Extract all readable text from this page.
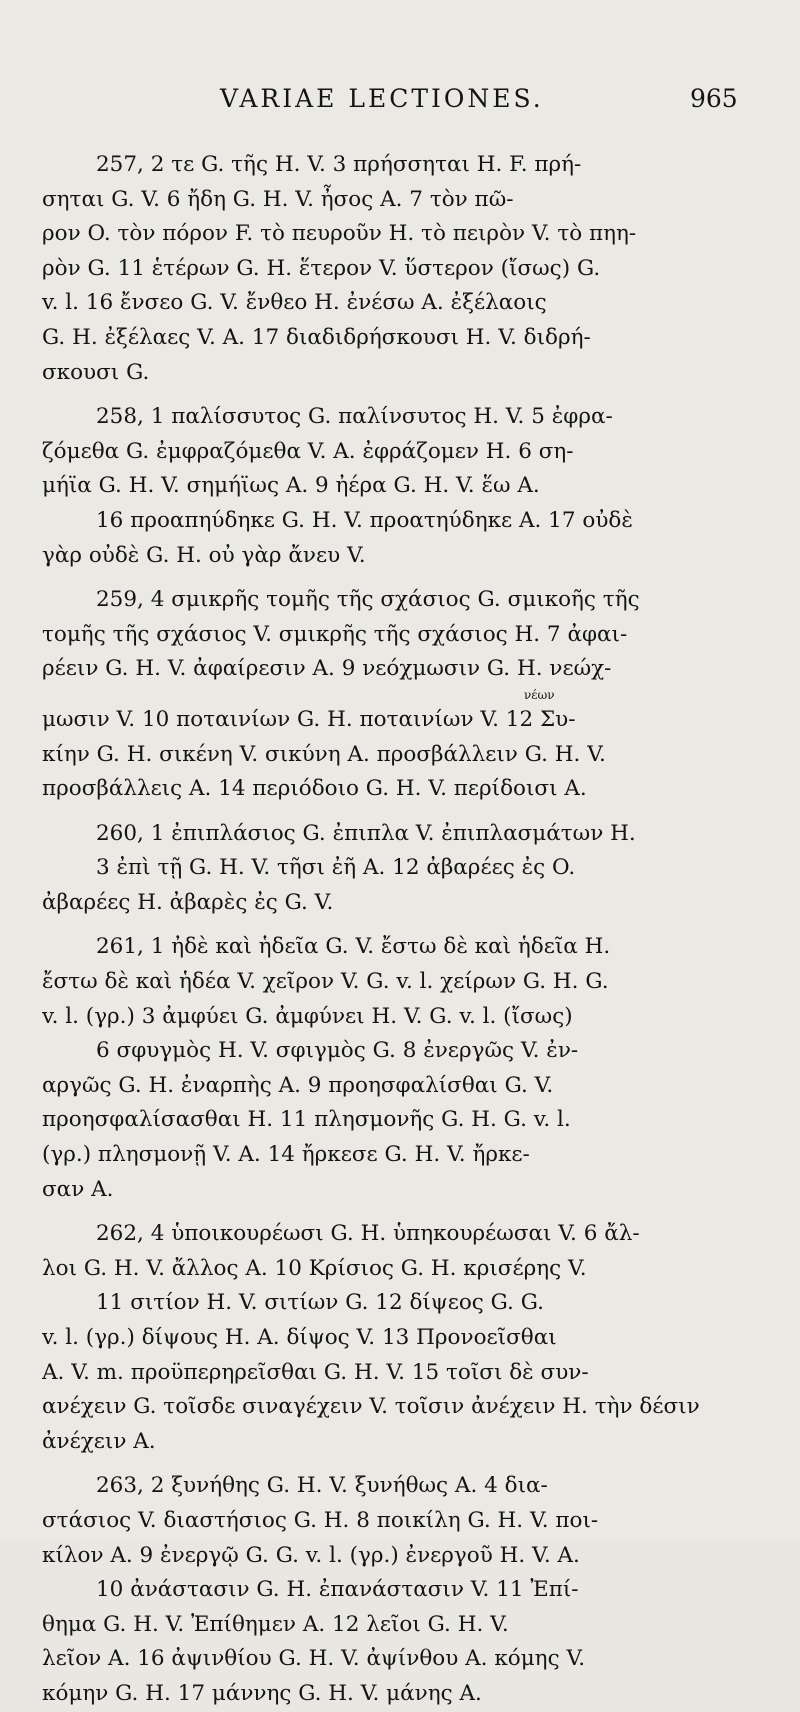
VARIAE LECTIONES.	965
257, 2 τε G. τῆς H. V. 3 πρήσσηται H. F. πρή-
σηται G. V. 6 ἤδη G. H. V. ἦσος A. 7 τὸν πῶ-
ρον O. τὸν πόρον F. τὸ πευροῦν H. τὸ πειρὸν V. τὸ πηη-
ρὸν G. 11 ἑτέρων G. H. ἕτερον V. ὕστερον (ἴσως) G.
v. l. 16 ἔνσεο G. V. ἔνθεο H. ἐνέσω A. ἐξέλαοις
G. H. ἐξέλαες V. A. 17 διαδιδρήσκουσι H. V. διδρή-
σκουσι G.
258, 1 παλίσσυτος G. παλίνσυτος H. V. 5 ἐφρα-
ζόμεθα G. ἐμφραζόμεθα V. A. ἐφράζομεν H. 6 ση-
μήϊα G. H. V. σημήϊως A. 9 ἠέρα G. H. V. ἕω A.
16 προαπηύδηκε G. H. V. προατηύδηκε A. 17 οὐδὲ
γὰρ οὐδὲ G. H. οὐ γὰρ ἄνευ V.
259, 4 σμικρῆς τομῆς τῆς σχάσιος G. σμικοῆς τῆς
τομῆς τῆς σχάσιος V. σμικρῆς τῆς σχάσιος H. 7 ἀφαι-
ρέειν G. H. V. ἀφαίρεσιν A. 9 νεόχμωσιν G. H. νεώχ-
νέων
μωσιν V. 10 ποταινίων G. H. ποταινίων V. 12 Συ-
κίην G. H. σικένη V. σικύνη A. προσβάλλειν G. H. V.
προσβάλλεις A. 14 περιόδοιο G. H. V. περίδοισι A.
260, 1 ἐπιπλάσιος G. ἐπιπλα V. ἐπιπλασμάτων H.
3 ἐπὶ τῇ G. H. V. τῆσι ἐῆ A. 12 ἀβαρέες ἐς O.
ἀβαρέες H. ἀβαρὲς ἐς G. V.
261, 1 ἠδὲ καὶ ἡδεῖα G. V. ἔστω δὲ καὶ ἡδεῖα H.
ἔστω δὲ καὶ ἡδέα V. χεῖρον V. G. v. l. χείρων G. H. G.
v. l. (γρ.) 3 ἀμφύει G. ἀμφύνει H. V. G. v. l. (ἴσως)
6 σφυγμὸς H. V. σφιγμὸς G. 8 ἐνεργῶς V. ἐν-
αργῶς G. H. ἐναρπὴς A. 9 προησφαλίσθαι G. V.
προησφαλίσασθαι H. 11 πλησμονῆς G. H. G. v. l.
(γρ.) πλησμονῇ V. A. 14 ἤρκεσε G. H. V. ἤρκε-
σαν A.
262, 4 ὑποικουρέωσι G. H. ὑπηκουρέωσαι V. 6 ἄλ-
λοι G. H. V. ἄλλος A. 10 Κρίσιος G. H. κρισέρης V.
11 σιτίον H. V. σιτίων G. 12 δίψεος G. G.
v. l. (γρ.) δίψους H. A. δίψος V. 13 Προνοεῖσθαι
A. V. m. προϋπερηρεῖσθαι G. H. V. 15 τοῖσι δὲ συν-
ανέχειν G. τοῖσδε σιναγέχειν V. τοῖσιν ἀνέχειν H. τὴν δέσιν
ἀνέχειν A.
263, 2 ξυνήθης G. H. V. ξυνήθως A. 4 δια-
στάσιος V. διαστήσιος G. H. 8 ποικίλη G. H. V. ποι-
κίλον A. 9 ἐνεργῷ G. G. v. l. (γρ.) ἐνεργοῦ H. V. A.
10 ἀνάστασιν G. H. ἐπανάστασιν V. 11 Ἐπί-
θημα G. H. V. Ἐπίθημεν A. 12 λεῖοι G. H. V.
λεῖον A. 16 ἀψινθίου G. H. V. ἀψίνθου A. κόμης V.
κόμην G. H. 17 μάννης G. H. V. μάνης A.
